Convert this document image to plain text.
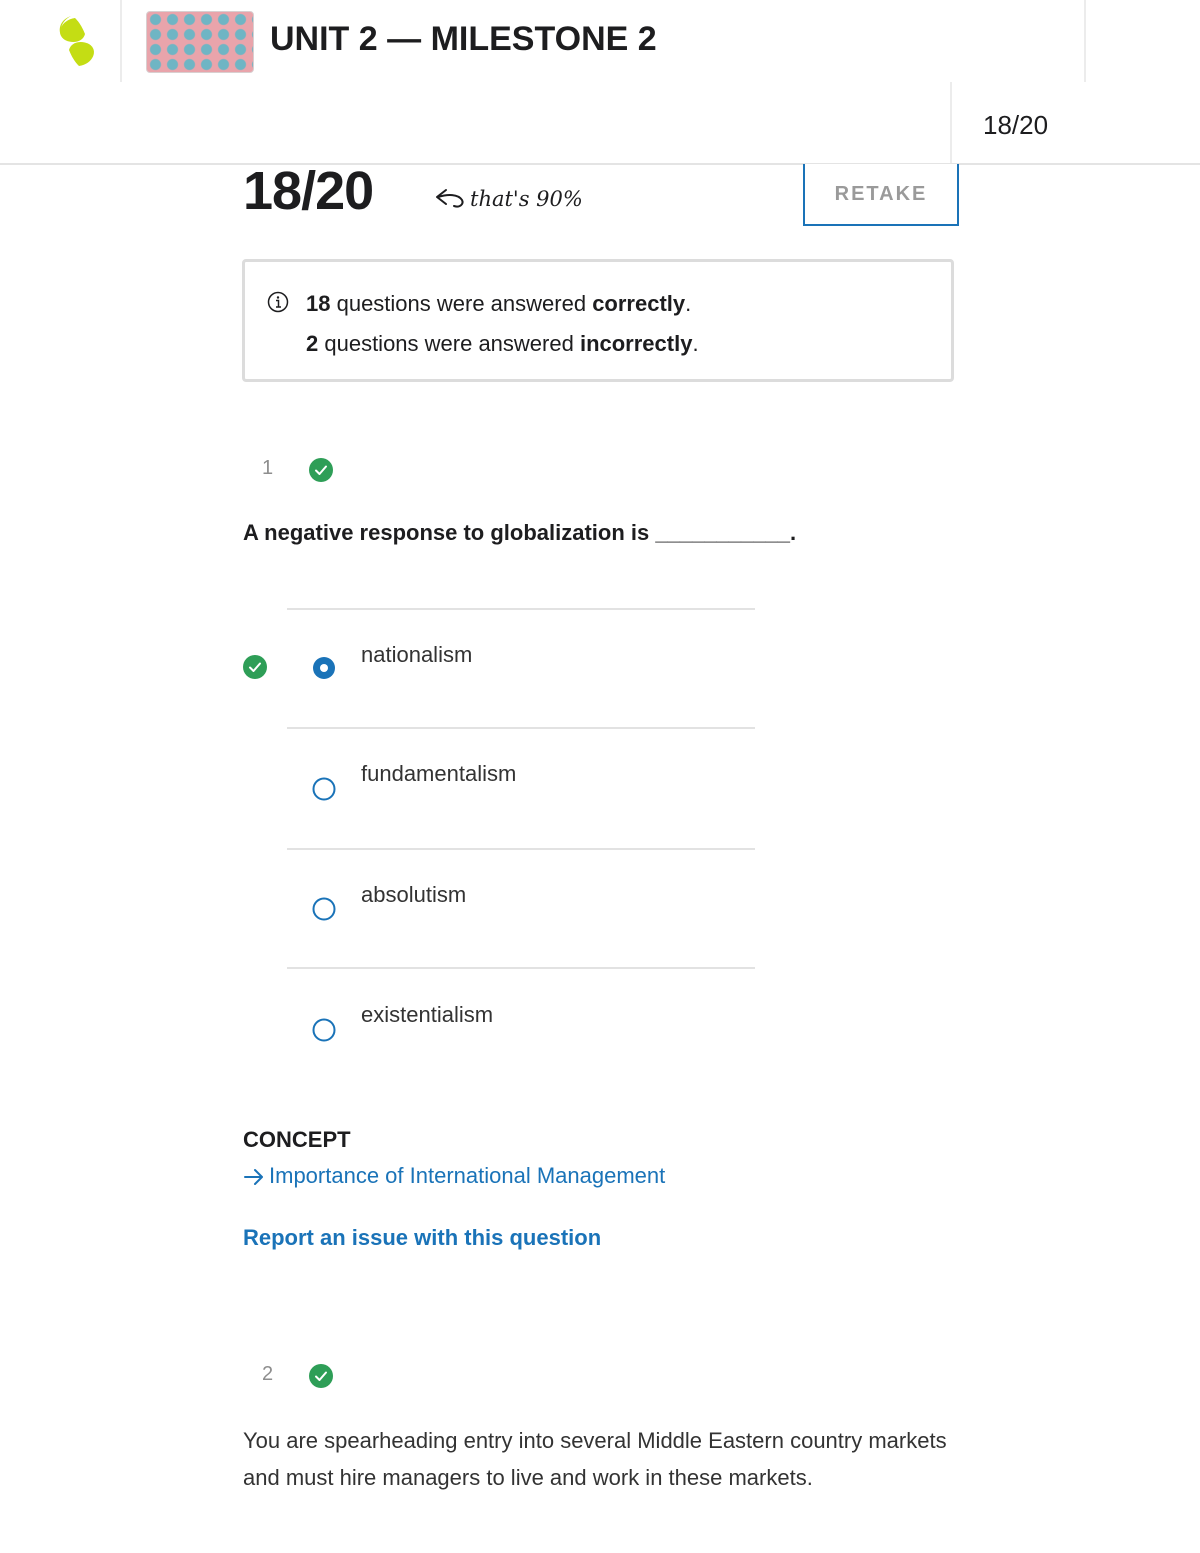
UNIT 2 — MILESTONE 2
18/20
18/20	that's 90%	RETAKE
18 questions were answered correctly.
2 questions were answered incorrectly.
1
A negative response to globalization is ___________.
nationalism
fundamentalism
absolutism
existentialism
CONCEPT
Importance of International Management
Report an issue with this question
2
You are spearheading entry into several Middle Eastern country markets and must hire managers to live and work in these markets.
